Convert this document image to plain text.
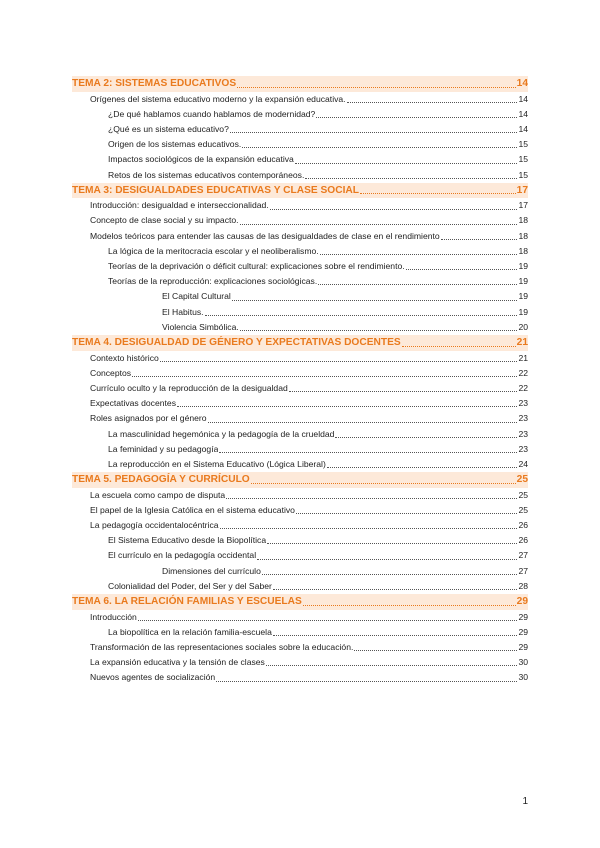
TEMA 2: SISTEMAS EDUCATIVOS	14
Orígenes del sistema educativo moderno y la expansión educativa.	14
¿De qué hablamos cuando hablamos de modernidad?	14
¿Qué es un sistema educativo?	14
Origen de los sistemas educativos.	15
Impactos sociológicos de la expansión educativa	15
Retos de los sistemas educativos contemporáneos.	15
TEMA 3: DESIGUALDADES EDUCATIVAS Y CLASE SOCIAL	17
Introducción: desigualdad e interseccionalidad.	17
Concepto de clase social y su impacto.	18
Modelos teóricos para entender las causas de las desigualdades de clase en el rendimiento	18
La lógica de la meritocracia escolar y el neoliberalismo.	18
Teorías de la deprivación o déficit cultural: explicaciones sobre el rendimiento.	19
Teorías de la reproducción: explicaciones sociológicas.	19
El Capital Cultural	19
El Habitus.	19
Violencia Simbólica.	20
TEMA 4. DESIGUALDAD DE GÉNERO Y EXPECTATIVAS DOCENTES	21
Contexto histórico	21
Conceptos	22
Currículo oculto y la reproducción de la desigualdad	22
Expectativas docentes	23
Roles asignados por el género	23
La masculinidad hegemónica y la pedagogía de la crueldad	23
La feminidad y su pedagogía	23
La reproducción en el Sistema Educativo (Lógica Liberal)	24
TEMA 5. PEDAGOGÍA Y CURRÍCULO	25
La escuela como campo de disputa	25
El papel de la Iglesia Católica en el sistema educativo	25
La pedagogía occidentalocéntrica	26
El Sistema Educativo desde la Biopolítica	26
El currículo en la pedagogía occidental	27
Dimensiones del currículo	27
Colonialidad del Poder, del Ser y del Saber	28
TEMA 6. LA RELACIÓN FAMILIAS Y ESCUELAS	29
Introducción	29
La biopolítica en la relación familia-escuela	29
Transformación de las representaciones sociales sobre la educación.	29
La expansión educativa y la tensión de clases	30
Nuevos agentes de socialización	30
1
